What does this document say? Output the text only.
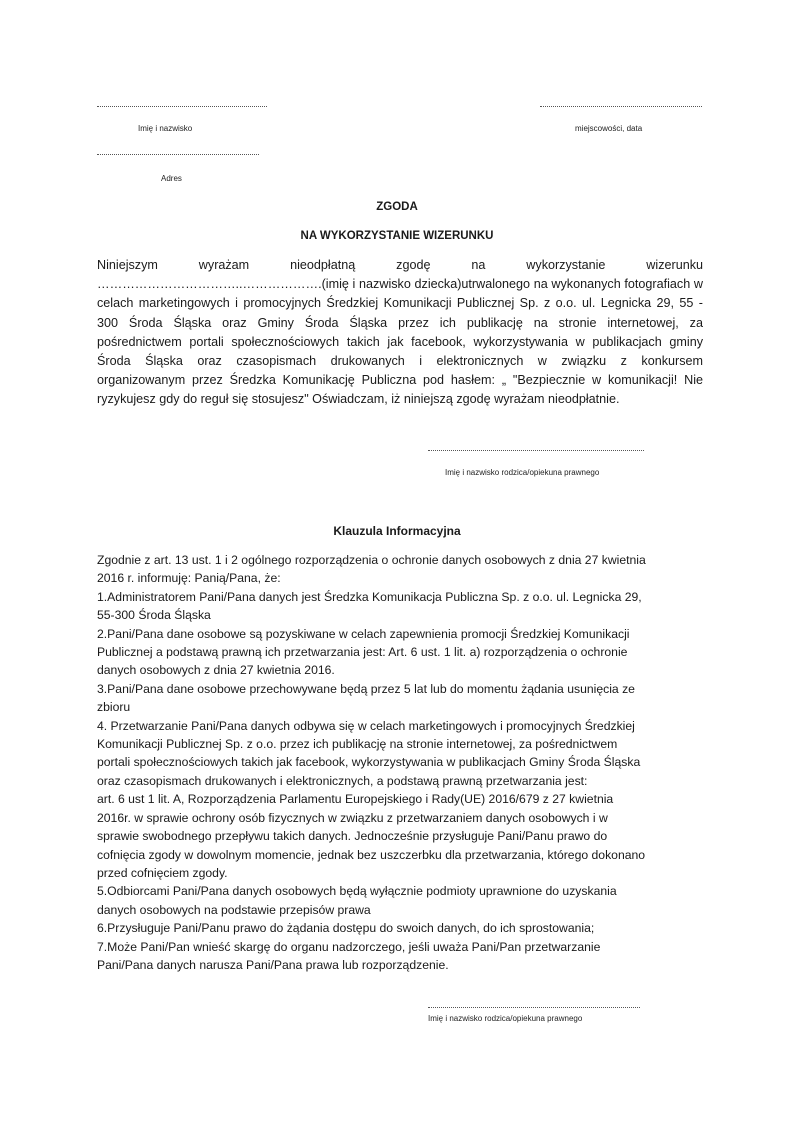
Imię i nazwisko	miejscowości, data
Adres
ZGODA
NA WYKORZYSTANIE WIZERUNKU
Niniejszym wyrażam nieodpłatną zgodę na wykorzystanie wizerunku
……………………………..……………….(imię i nazwisko dziecka)utrwalonego na wykonanych fotografiach w
celach marketingowych i promocyjnych Średzkiej Komunikacji Publicznej Sp. z o.o. ul. Legnicka 29, 55 -
300 Środa Śląska oraz Gminy Środa Śląska przez ich publikację na stronie internetowej, za
pośrednictwem portali społecznościowych takich jak facebook, wykorzystywania w publikacjach gminy
Środa Śląska oraz czasopismach drukowanych i elektronicznych w związku z konkursem
organizowanym przez Średzka Komunikację Publiczna pod hasłem: „ "Bezpiecznie w komunikacji! Nie
ryzykujesz gdy do reguł się stosujesz" Oświadczam, iż niniejszą zgodę wyrażam nieodpłatnie.
Imię i nazwisko rodzica/opiekuna prawnego
Klauzula Informacyjna
Zgodnie z art. 13 ust. 1 i 2 ogólnego rozporządzenia o ochronie danych osobowych z dnia 27 kwietnia
2016 r. informuję: Panią/Pana, że:
1.Administratorem Pani/Pana danych jest Średzka Komunikacja Publiczna Sp. z o.o. ul. Legnicka 29,
55-300 Środa Śląska
2.Pani/Pana dane osobowe są pozyskiwane w celach zapewnienia promocji Średzkiej Komunikacji
Publicznej a podstawą prawną ich przetwarzania jest: Art. 6 ust. 1 lit. a) rozporządzenia o ochronie
danych osobowych z dnia 27 kwietnia 2016.
3.Pani/Pana dane osobowe przechowywane będą przez 5 lat lub do momentu żądania usunięcia ze
zbioru
4. Przetwarzanie Pani/Pana danych odbywa się w celach marketingowych i promocyjnych Średzkiej
Komunikacji Publicznej Sp. z o.o. przez ich publikację na stronie internetowej, za pośrednictwem
portali społecznościowych takich jak facebook, wykorzystywania w publikacjach Gminy Środa Śląska
oraz czasopismach drukowanych i elektronicznych, a podstawą prawną przetwarzania jest:
art. 6 ust 1 lit. A, Rozporządzenia Parlamentu Europejskiego i Rady(UE) 2016/679 z 27 kwietnia
2016r. w sprawie ochrony osób fizycznych w związku z przetwarzaniem danych osobowych i w
sprawie swobodnego przepływu takich danych. Jednocześnie przysługuje Pani/Panu prawo do
cofnięcia zgody w dowolnym momencie, jednak bez uszczerbku dla przetwarzania, którego dokonano
przed cofnięciem zgody.
5.Odbiorcami Pani/Pana danych osobowych będą wyłącznie podmioty uprawnione do uzyskania
danych osobowych na podstawie przepisów prawa
6.Przysługuje Pani/Panu prawo do żądania dostępu do swoich danych, do ich sprostowania;
7.Może Pani/Pan wnieść skargę do organu nadzorczego, jeśli uważa Pani/Pan przetwarzanie
Pani/Pana danych narusza Pani/Pana prawa lub rozporządzenie.
Imię i nazwisko rodzica/opiekuna prawnego
